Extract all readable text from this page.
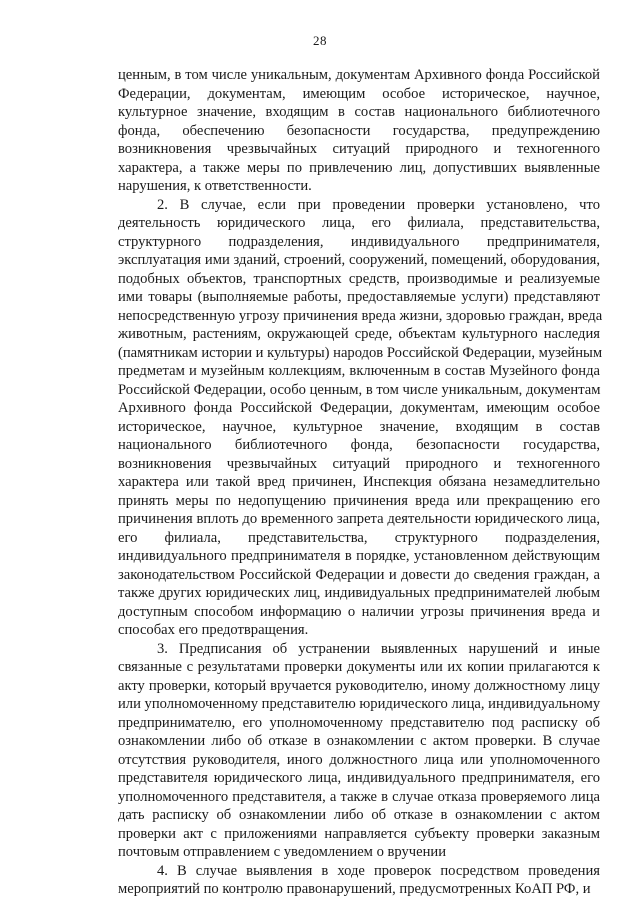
28

ценным, в том числе уникальным, документам Архивного фонда Российской
Федерации, документам, имеющим особое историческое, научное,
культурное значение, входящим в состав национального библиотечного
фонда, обеспечению безопасности государства, предупреждению
возникновения чрезвычайных ситуаций природного и техногенного
характера, а также меры по привлечению лиц, допустивших выявленные
нарушения, к ответственности.

2. В случае, если при проведении проверки установлено, что
деятельность юридического лица, его филиала, представительства,
структурного подразделения, индивидуального предпринимателя,
эксплуатация ими зданий, строений, сооружений, помещений, оборудования,
подобных объектов, транспортных средств, производимые и реализуемые
ими товары (выполняемые работы, предоставляемые услуги) представляют
непосредственную угрозу причинения вреда жизни, здоровью граждан, вреда
животным, растениям, окружающей среде, объектам культурного наследия
(памятникам истории и культуры) народов Российской Федерации, музейным
предметам и музейным коллекциям, включенным в состав Музейного фонда
Российской Федерации, особо ценным, в том числе уникальным, документам
Архивного фонда Российской Федерации, документам, имеющим особое
историческое, научное, культурное значение, входящим в состав
национального библиотечного фонда, безопасности государства,
возникновения чрезвычайных ситуаций природного и техногенного
характера или такой вред причинен, Инспекция обязана незамедлительно
принять меры по недопущению причинения вреда или прекращению его
причинения вплоть до временного запрета деятельности юридического лица,
его филиала, представительства, структурного подразделения,
индивидуального предпринимателя в порядке, установленном действующим
законодательством Российской Федерации и довести до сведения граждан, а
также других юридических лиц, индивидуальных предпринимателей любым
доступным способом информацию о наличии угрозы причинения вреда и
способах его предотвращения.

3. Предписания об устранении выявленных нарушений и иные
связанные с результатами проверки документы или их копии прилагаются к
акту проверки, который вручается руководителю, иному должностному лицу
или уполномоченному представителю юридического лица, индивидуальному
предпринимателю, его уполномоченному представителю под расписку об
ознакомлении либо об отказе в ознакомлении с актом проверки. В случае
отсутствия руководителя, иного должностного лица или уполномоченного
представителя юридического лица, индивидуального предпринимателя, его
уполномоченного представителя, а также в случае отказа проверяемого лица
дать расписку об ознакомлении либо об отказе в ознакомлении с актом
проверки акт с приложениями направляется субъекту проверки заказным
почтовым отправлением с уведомлением о вручении

4. В случае выявления в ходе проверок посредством проведения
мероприятий по контролю правонарушений, предусмотренных КоАП РФ, и
